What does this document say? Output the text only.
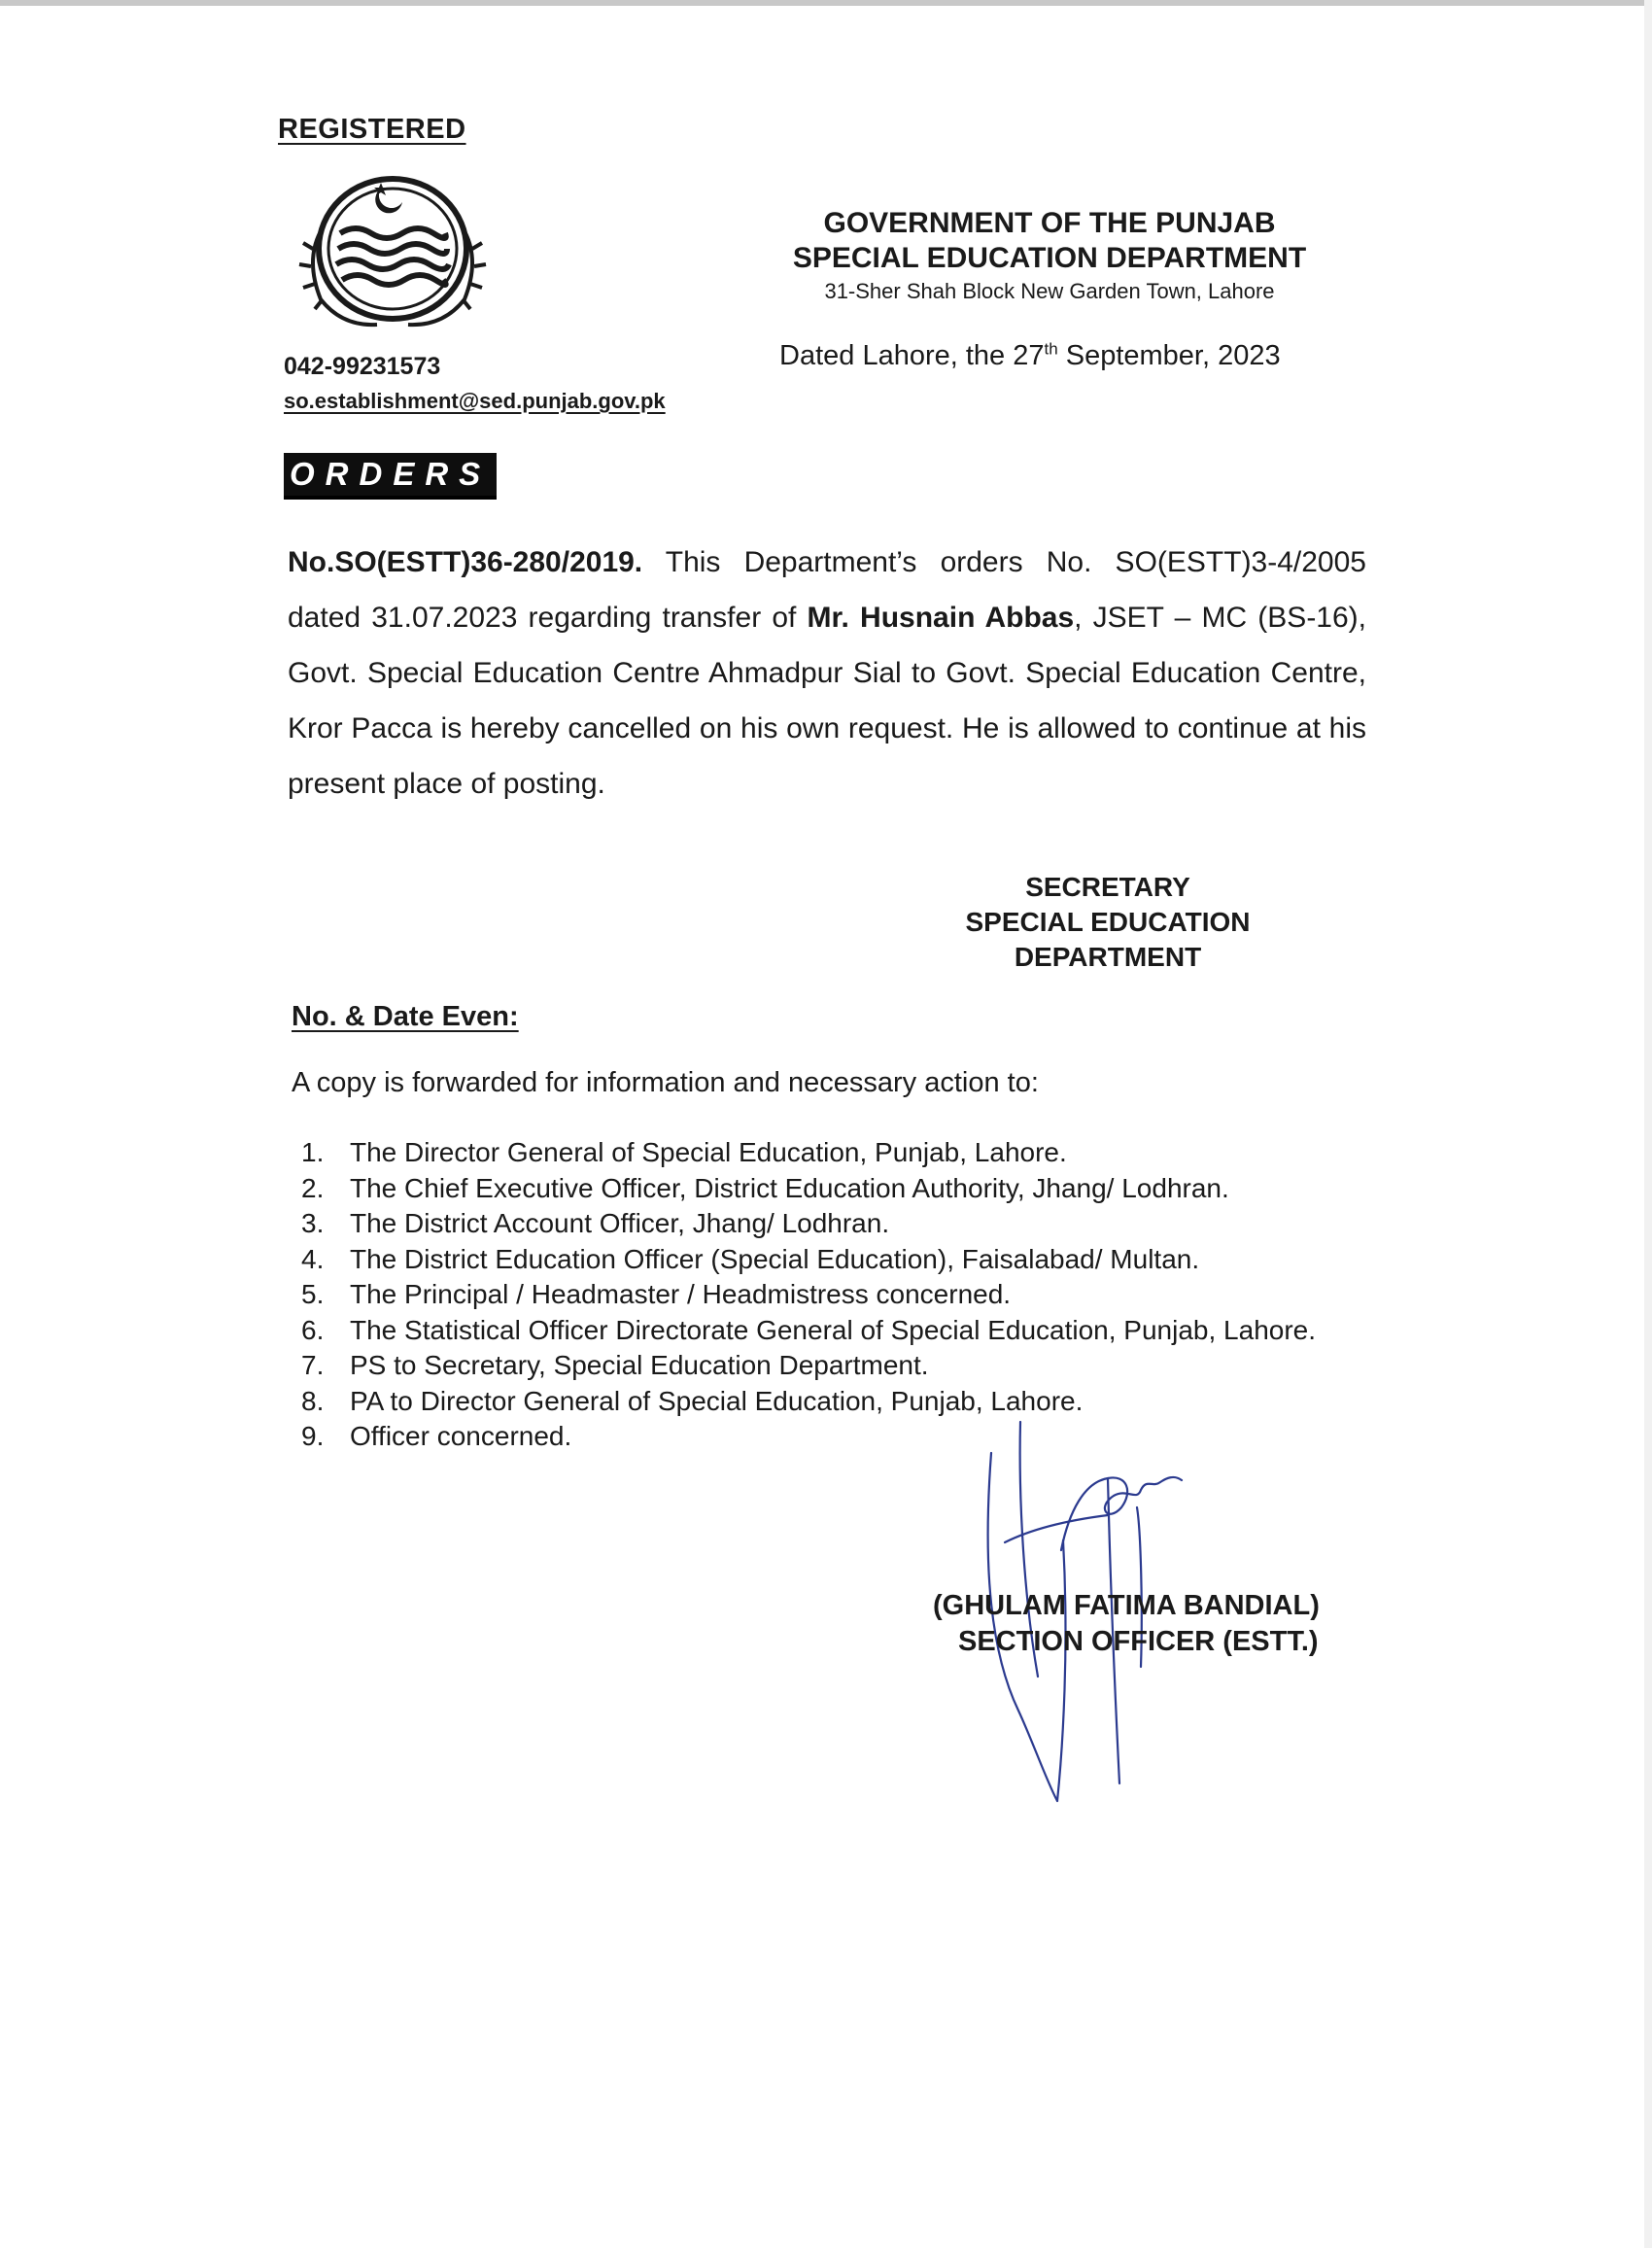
REGISTERED
GOVERNMENT OF THE PUNJAB
SPECIAL EDUCATION DEPARTMENT
31-Sher Shah Block New Garden Town, Lahore
042-99231573
so.establishment@sed.punjab.gov.pk
Dated Lahore, the 27th September, 2023
ORDERS
No.SO(ESTT)36-280/2019. This Department’s orders No. SO(ESTT)3-4/2005 dated 31.07.2023 regarding transfer of Mr. Husnain Abbas, JSET – MC (BS-16), Govt. Special Education Centre Ahmadpur Sial to Govt. Special Education Centre, Kror Pacca is hereby cancelled on his own request. He is allowed to continue at his present place of posting.
SECRETARY
SPECIAL EDUCATION
DEPARTMENT
No. & Date Even:
A copy is forwarded for information and necessary action to:
1. The Director General of Special Education, Punjab, Lahore.
2. The Chief Executive Officer, District Education Authority, Jhang/ Lodhran.
3. The District Account Officer, Jhang/ Lodhran.
4. The District Education Officer (Special Education), Faisalabad/ Multan.
5. The Principal / Headmaster / Headmistress concerned.
6. The Statistical Officer Directorate General of Special Education, Punjab, Lahore.
7. PS to Secretary, Special Education Department.
8. PA to Director General of Special Education, Punjab, Lahore.
9. Officer concerned.
(GHULAM FATIMA BANDIAL)
SECTION OFFICER (ESTT.)
